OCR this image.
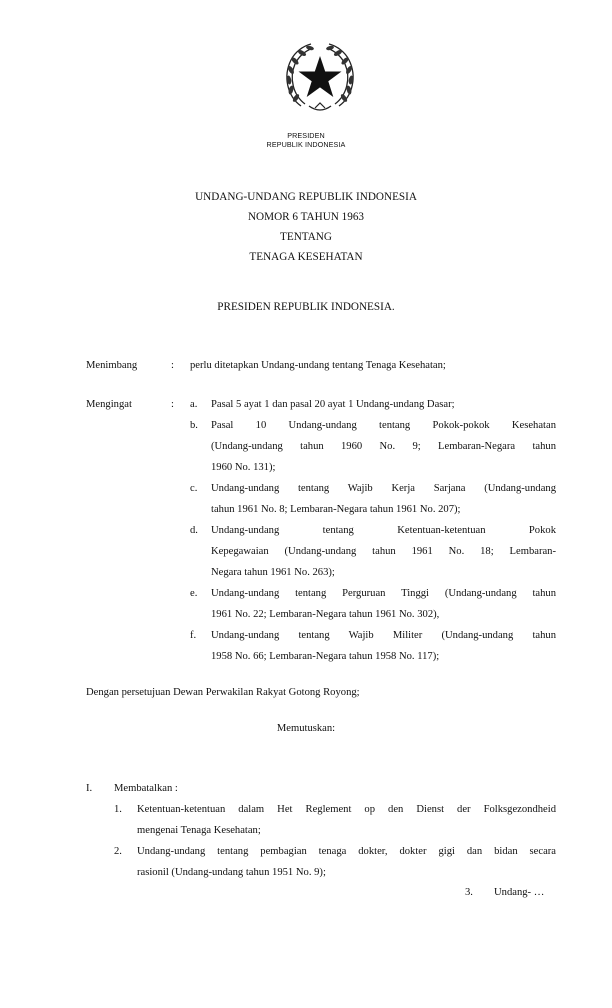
PRESIDEN
REPUBLIK INDONESIA
UNDANG-UNDANG REPUBLIK INDONESIA
NOMOR 6 TAHUN 1963
TENTANG
TENAGA KESEHATAN
PRESIDEN REPUBLIK INDONESIA.
Menimbang	: perlu ditetapkan Undang-undang tentang Tenaga Kesehatan;
Mengingat	: a. Pasal 5 ayat 1 dan pasal 20 ayat 1 Undang-undang Dasar;
b. Pasal 10 Undang-undang tentang Pokok-pokok Kesehatan
(Undang-undang tahun 1960 No. 9; Lembaran-Negara tahun
1960 No. 131);
c. Undang-undang tentang Wajib Kerja Sarjana (Undang-undang
tahun 1961 No. 8; Lembaran-Negara tahun 1961 No. 207);
d. Undang-undang tentang Ketentuan-ketentuan Pokok
Kepegawaian (Undang-undang tahun 1961 No. 18; Lembaran-
Negara tahun 1961 No. 263);
e. Undang-undang tentang Perguruan Tinggi (Undang-undang tahun
1961 No. 22; Lembaran-Negara tahun 1961 No. 302),
f. Undang-undang tentang Wajib Militer (Undang-undang tahun
1958 No. 66; Lembaran-Negara tahun 1958 No. 117);
Dengan persetujuan Dewan Perwakilan Rakyat Gotong Royong;
Memutuskan:
I. Membatalkan :
1. Ketentuan-ketentuan dalam Het Reglement op den Dienst der Folksgezondheid
mengenai Tenaga Kesehatan;
2. Undang-undang tentang pembagian tenaga dokter, dokter gigi dan bidan secara
rasionil (Undang-undang tahun 1951 No. 9);
3. Undang- …
